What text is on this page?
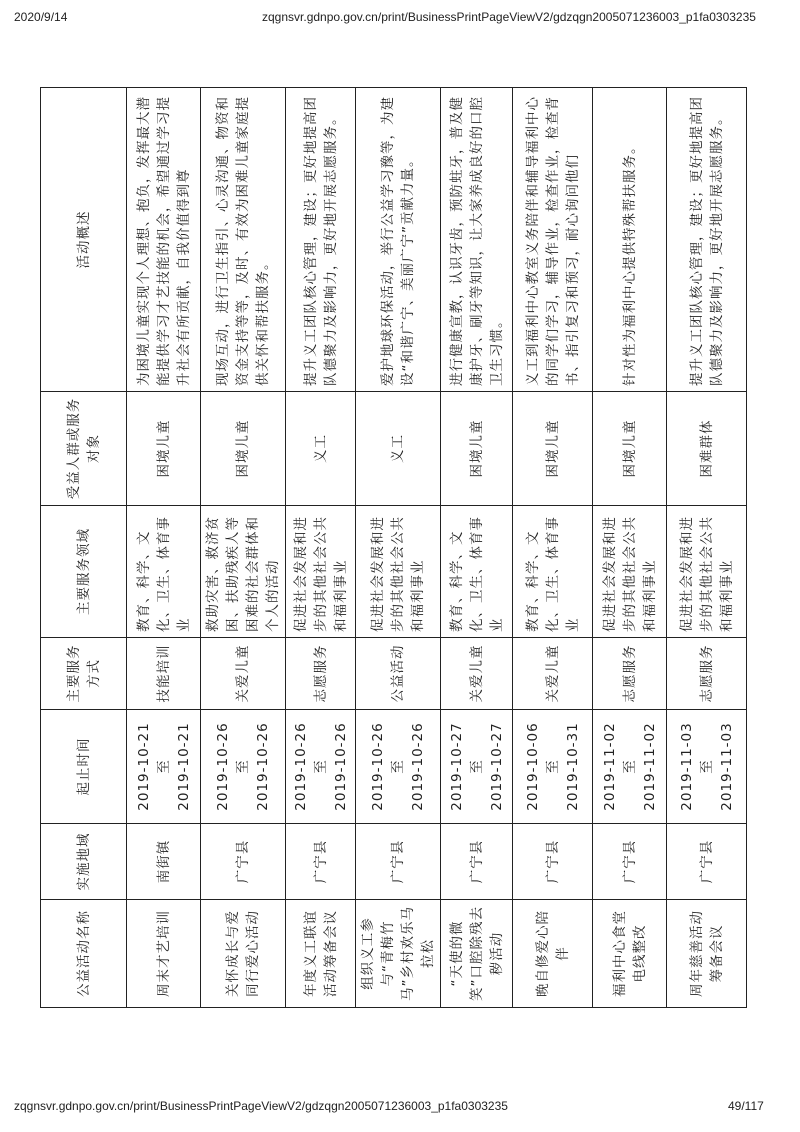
2020/9/14	zqgnsvr.gdnpo.gov.cn/print/BusinessPrintPageViewV2/gdzqgn2005071236003_p1fa0303235
公益活动名称	实施地域	起止时间	主要服务方式	主要服务领域	受益人群或服务对象	活动概述
周末才艺培训	南街镇	2019-10-21 至 2019-10-21	技能培训	教育、科学、文化、卫生、体育事业	困境儿童	为困境儿童实现个人理想、抱负，发挥最大潜能提供学习才艺技能的机会，希望通过学习提升社会有所贡献，自我价值得到尊
关怀成长与爱同行爱心活动	广宁县	2019-10-26 至 2019-10-26	关爱儿童	救助灾害、救济贫困、扶助残疾人等困难的社会群体和个人的活动	困境儿童	现场互动，进行卫生指引、心灵沟通、物资和资金支持等等，及时、有效为困难儿童家庭提供关怀和帮扶服务。
年度义工联谊活动筹备会议	广宁县	2019-10-26 至 2019-10-26	志愿服务	促进社会发展和进步的其他社会公共和福利事业	义工	提升义工团队核心管理，建设；更好地提高团队德聚力及影响力，更好地开展志愿服务。
组织义工参与“青梅竹马”乡村欢乐马拉松	广宁县	2019-10-26 至 2019-10-26	公益活动	促进社会发展和进步的其他社会公共和福利事业	义工	爱护地球环保活动，举行公益学习豫等，为建设“和谐广宁、美丽广宁”贡献力量。
“天使的微笑”口腔除残去秽活动	广宁县	2019-10-27 至 2019-10-27	关爱儿童	教育、科学、文化、卫生、体育事业	困境儿童	进行健康宣教，认识牙齿，预防蛀牙，普及健康护牙、刷牙等知识，让大家养成良好的口腔卫生习惯。
晚自修爱心陪伴	广宁县	2019-10-06 至 2019-10-31	关爱儿童	教育、科学、文化、卫生、体育事业	困境儿童	义工到福利中心教室义务陪伴和辅导福利中心的同学们学习，辅导作业，检查作业，检查背书、指引复习和预习，耐心询问他们
福利中心食堂电线整改	广宁县	2019-11-02 至 2019-11-02	志愿服务	促进社会发展和进步的其他社会公共和福利事业	困境儿童	针对性为福利中心提供特殊帮扶服务。
周年慈善活动筹备会议	广宁县	2019-11-03 至 2019-11-03	志愿服务	促进社会发展和进步的其他社会公共和福利事业	困难群体	提升义工团队核心管理，建设；更好地提高团队德聚力及影响力，更好地开展志愿服务。
zqgnsvr.gdnpo.gov.cn/print/BusinessPrintPageViewV2/gdzqgn2005071236003_p1fa0303235	49/117
